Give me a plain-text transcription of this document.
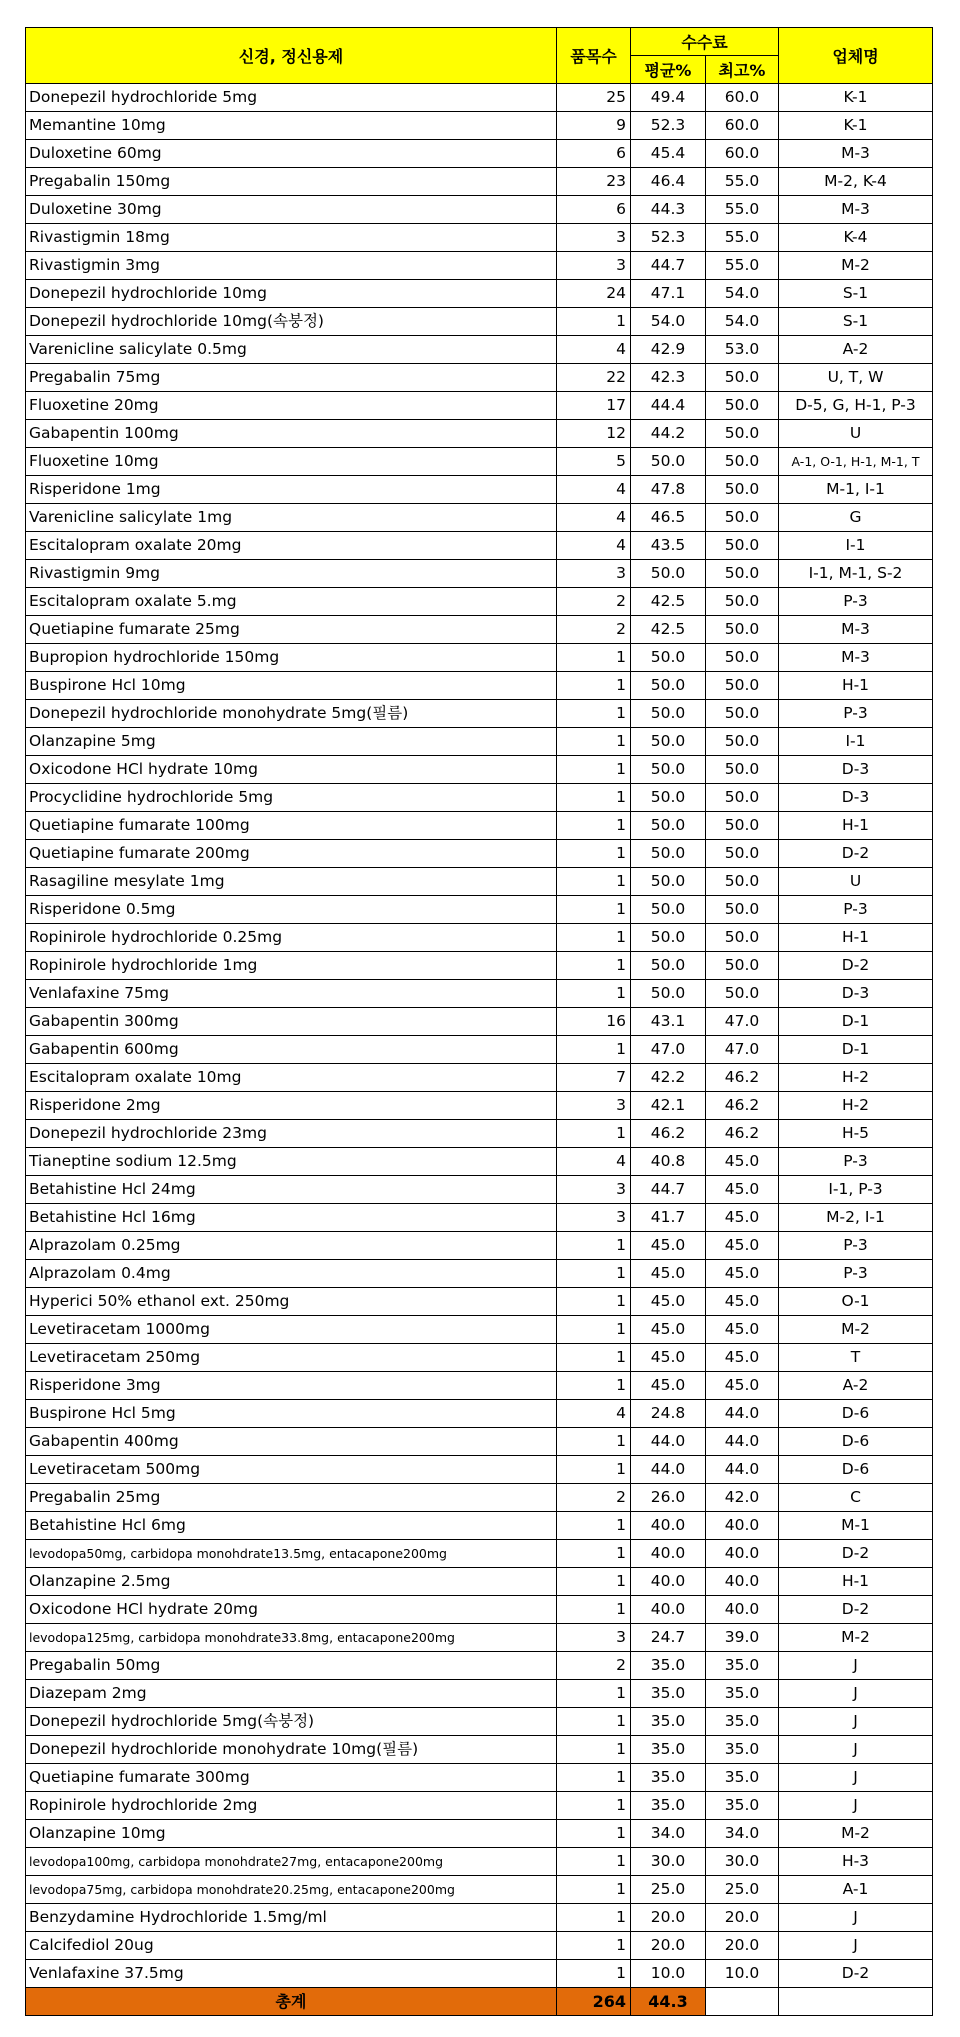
신경, 정신용제	품목수	수수료		업체명
		평균%	최고%	
Donepezil hydrochloride 5mg	25	49.4	60.0	K-1
Memantine 10mg	9	52.3	60.0	K-1
Duloxetine 60mg	6	45.4	60.0	M-3
Pregabalin 150mg	23	46.4	55.0	M-2, K-4
Duloxetine 30mg	6	44.3	55.0	M-3
Rivastigmin 18mg	3	52.3	55.0	K-4
Rivastigmin 3mg	3	44.7	55.0	M-2
Donepezil hydrochloride 10mg	24	47.1	54.0	S-1
Donepezil hydrochloride 10mg(속붕정)	1	54.0	54.0	S-1
Varenicline salicylate 0.5mg	4	42.9	53.0	A-2
Pregabalin 75mg	22	42.3	50.0	U, T, W
Fluoxetine 20mg	17	44.4	50.0	D-5, G, H-1, P-3
Gabapentin 100mg	12	44.2	50.0	U
Fluoxetine 10mg	5	50.0	50.0	A-1, O-1, H-1, M-1, T
Risperidone 1mg	4	47.8	50.0	M-1, I-1
Varenicline salicylate 1mg	4	46.5	50.0	G
Escitalopram oxalate 20mg	4	43.5	50.0	I-1
Rivastigmin 9mg	3	50.0	50.0	I-1, M-1, S-2
Escitalopram oxalate 5.mg	2	42.5	50.0	P-3
Quetiapine fumarate 25mg	2	42.5	50.0	M-3
Bupropion hydrochloride 150mg	1	50.0	50.0	M-3
Buspirone Hcl 10mg	1	50.0	50.0	H-1
Donepezil hydrochloride monohydrate 5mg(필름)	1	50.0	50.0	P-3
Olanzapine 5mg	1	50.0	50.0	I-1
Oxicodone HCl hydrate 10mg	1	50.0	50.0	D-3
Procyclidine hydrochloride 5mg	1	50.0	50.0	D-3
Quetiapine fumarate 100mg	1	50.0	50.0	H-1
Quetiapine fumarate 200mg	1	50.0	50.0	D-2
Rasagiline mesylate 1mg	1	50.0	50.0	U
Risperidone 0.5mg	1	50.0	50.0	P-3
Ropinirole hydrochloride 0.25mg	1	50.0	50.0	H-1
Ropinirole hydrochloride 1mg	1	50.0	50.0	D-2
Venlafaxine 75mg	1	50.0	50.0	D-3
Gabapentin 300mg	16	43.1	47.0	D-1
Gabapentin 600mg	1	47.0	47.0	D-1
Escitalopram oxalate 10mg	7	42.2	46.2	H-2
Risperidone 2mg	3	42.1	46.2	H-2
Donepezil hydrochloride 23mg	1	46.2	46.2	H-5
Tianeptine sodium 12.5mg	4	40.8	45.0	P-3
Betahistine Hcl 24mg	3	44.7	45.0	I-1, P-3
Betahistine Hcl 16mg	3	41.7	45.0	M-2, I-1
Alprazolam 0.25mg	1	45.0	45.0	P-3
Alprazolam 0.4mg	1	45.0	45.0	P-3
Hyperici 50% ethanol ext. 250mg	1	45.0	45.0	O-1
Levetiracetam 1000mg	1	45.0	45.0	M-2
Levetiracetam 250mg	1	45.0	45.0	T
Risperidone 3mg	1	45.0	45.0	A-2
Buspirone Hcl 5mg	4	24.8	44.0	D-6
Gabapentin 400mg	1	44.0	44.0	D-6
Levetiracetam 500mg	1	44.0	44.0	D-6
Pregabalin 25mg	2	26.0	42.0	C
Betahistine Hcl 6mg	1	40.0	40.0	M-1
levodopa50mg, carbidopa monohdrate13.5mg, entacapone200mg	1	40.0	40.0	D-2
Olanzapine 2.5mg	1	40.0	40.0	H-1
Oxicodone HCl hydrate 20mg	1	40.0	40.0	D-2
levodopa125mg, carbidopa monohdrate33.8mg, entacapone200mg	3	24.7	39.0	M-2
Pregabalin 50mg	2	35.0	35.0	J
Diazepam 2mg	1	35.0	35.0	J
Donepezil hydrochloride 5mg(속붕정)	1	35.0	35.0	J
Donepezil hydrochloride monohydrate 10mg(필름)	1	35.0	35.0	J
Quetiapine fumarate 300mg	1	35.0	35.0	J
Ropinirole hydrochloride 2mg	1	35.0	35.0	J
Olanzapine 10mg	1	34.0	34.0	M-2
levodopa100mg, carbidopa monohdrate27mg, entacapone200mg	1	30.0	30.0	H-3
levodopa75mg, carbidopa monohdrate20.25mg, entacapone200mg	1	25.0	25.0	A-1
Benzydamine Hydrochloride 1.5mg/ml	1	20.0	20.0	J
Calcifediol 20ug	1	20.0	20.0	J
Venlafaxine 37.5mg	1	10.0	10.0	D-2
총계	264	44.3		
